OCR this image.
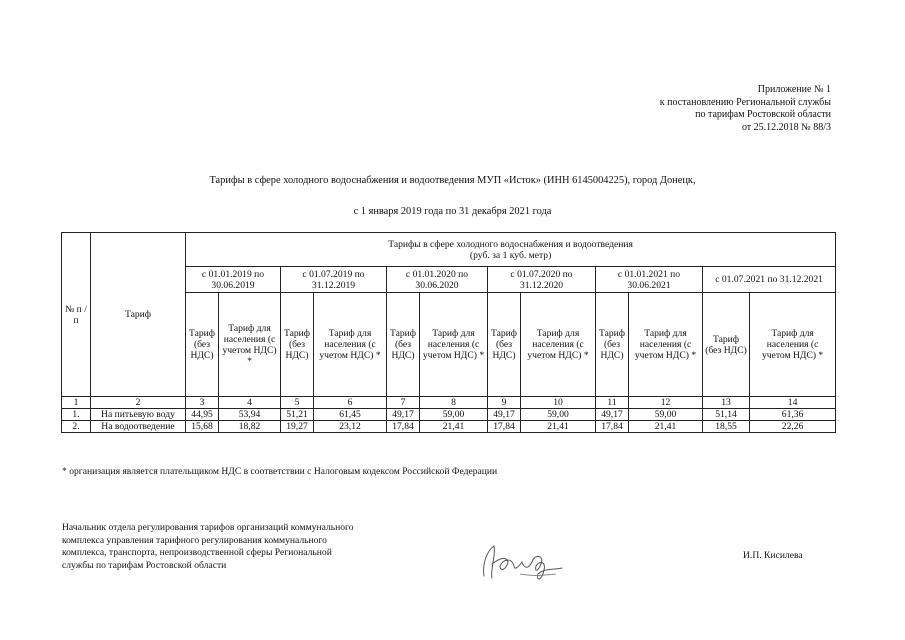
Приложение № 1
к постановлению Региональной службы
по тарифам Ростовской области
от 25.12.2018 № 88/3
Тарифы в сфере холодного водоснабжения и водоотведения МУП «Исток» (ИНН 6145004225), город Донецк,
с 1 января 2019 года по 31 декабря 2021 года
№ п /п	Тариф	Тарифы в сфере холодного водоснабжения и водоотведения
(руб. за 1 куб. метр)											

		с 01.01.2019 по 30.06.2019		с 01.07.2019 по 31.12.2019		с 01.01.2020 по 30.06.2020		с 01.07.2020 по 31.12.2020		с 01.01.2021 по 30.06.2021		с 01.07.2021 по 31.12.2021	
		Тариф (без НДС)	Тариф для населения (с учетом НДС) *	Тариф (без НДС)	Тариф для населения (с учетом НДС) *	Тариф (без НДС)	Тариф для населения (с учетом НДС) *	Тариф (без НДС)	Тариф для населения (с учетом НДС) *	Тариф (без НДС)	Тариф для населения (с учетом НДС) *	Тариф (без НДС)	Тариф для населения (с учетом НДС) *
1	2	3	4	5	6	7	8	9	10	11	12	13	14
1.	На питьевую воду	44,95	53,94	51,21	61,45	49,17	59,00	49,17	59,00	49,17	59,00	51,14	61,36
2.	На водоотведение	15,68	18,82	19,27	23,12	17,84	21,41	17,84	21,41	17,84	21,41	18,55	22,26
* организация является плательщиком НДС в соответствии с Налоговым кодексом Российской Федерации
Начальник отдела регулирования тарифов организаций коммунального
комплекса управления тарифного регулирования коммунального
комплекса, транспорта, непроизводственной сферы Региональной
службы по тарифам Ростовской области
И.П. Кисилева
